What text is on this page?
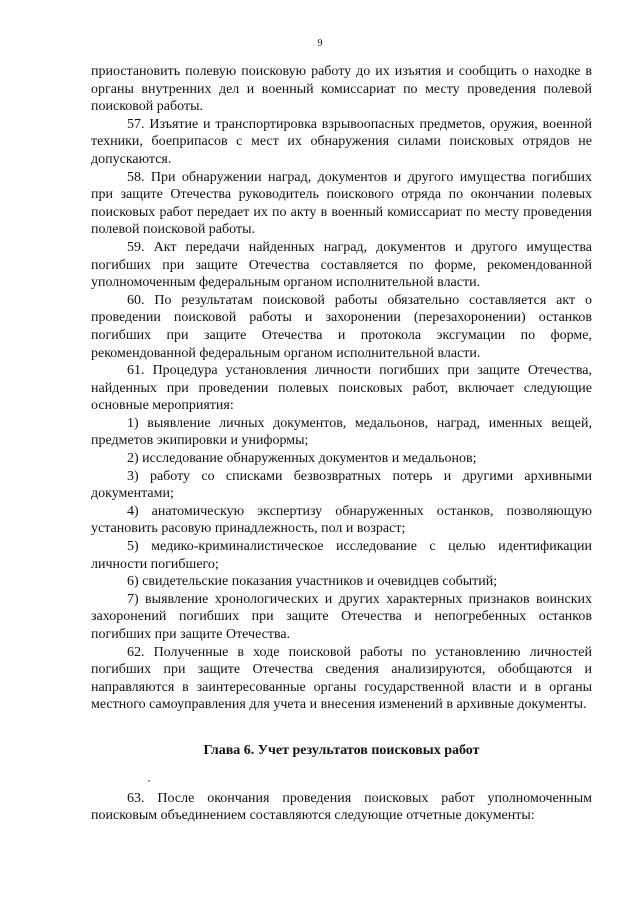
9

приостановить полевую поисковую работу до их изъятия и сообщить о находке в органы внутренних дел и военный комиссариат по месту проведения полевой поисковой работы.

57. Изъятие и транспортировка взрывоопасных предметов, оружия, военной техники, боеприпасов с мест их обнаружения силами поисковых отрядов не допускаются.

58. При обнаружении наград, документов и другого имущества погибших при защите Отечества руководитель поискового отряда по окончании полевых поисковых работ передает их по акту в военный комиссариат по месту проведения полевой поисковой работы.

59. Акт передачи найденных наград, документов и другого имущества погибших при защите Отечества составляется по форме, рекомендованной уполномоченным федеральным органом исполнительной власти.

60. По результатам поисковой работы обязательно составляется акт о проведении поисковой работы и захоронении (перезахоронении) останков погибших при защите Отечества и протокола эксгумации по форме, рекомендованной федеральным органом исполнительной власти.

61. Процедура установления личности погибших при защите Отечества, найденных при проведении полевых поисковых работ, включает следующие основные мероприятия:

1) выявление личных документов, медальонов, наград, именных вещей, предметов экипировки и униформы;

2) исследование обнаруженных документов и медальонов;

3) работу со списками безвозвратных потерь и другими архивными документами;

4) анатомическую экспертизу обнаруженных останков, позволяющую установить расовую принадлежность, пол и возраст;

5) медико-криминалистическое исследование с целью идентификации личности погибшего;

6) свидетельские показания участников и очевидцев событий;

7) выявление хронологических и других характерных признаков воинских захоронений погибших при защите Отечества и непогребенных останков погибших при защите Отечества.

62. Полученные в ходе поисковой работы по установлению личностей погибших при защите Отечества сведения анализируются, обобщаются и направляются в заинтересованные органы государственной власти и в органы местного самоуправления для учета и внесения изменений в архивные документы.

Глава 6. Учет результатов поисковых работ

63. После окончания проведения поисковых работ уполномоченным поисковым объединением составляются следующие отчетные документы:
